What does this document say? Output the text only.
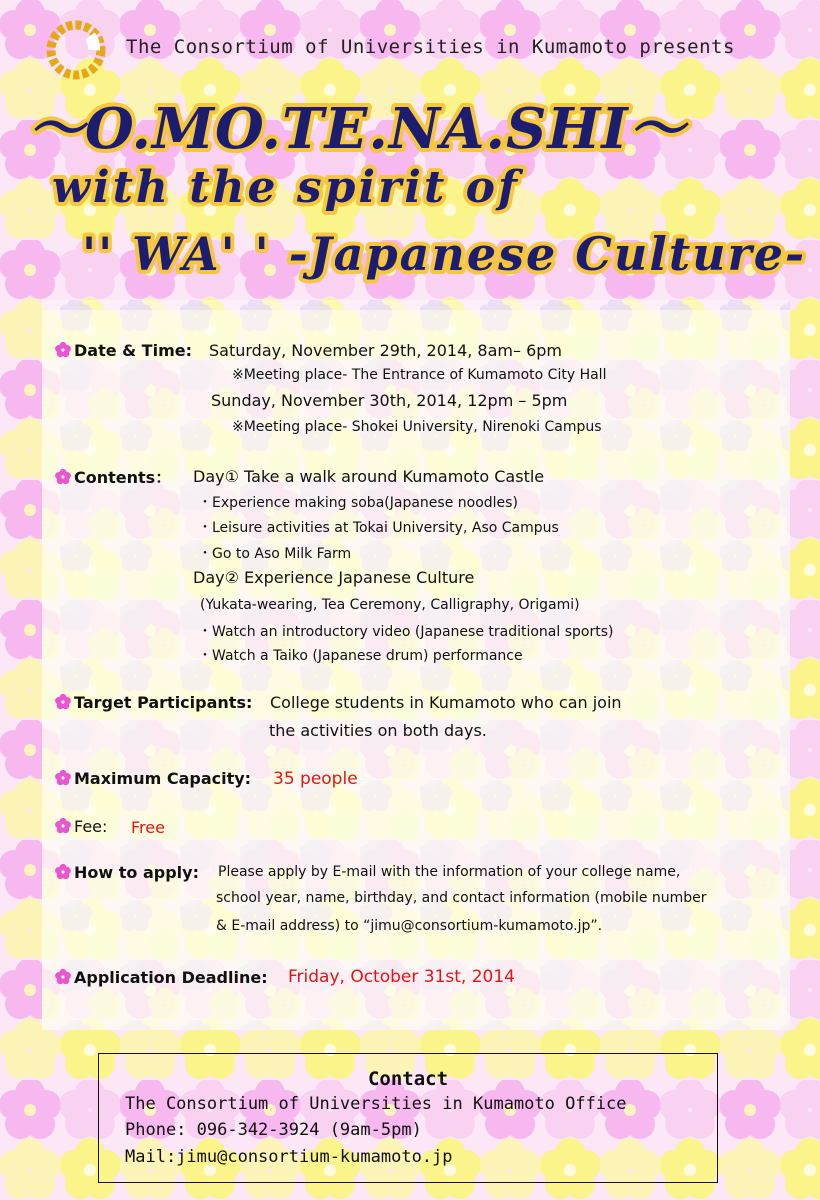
The Consortium of Universities in Kumamoto presents
〜O.MO.TE.NA.SHI〜
with the spirit of
'' WA' ' -Japanese Culture-
Date & Time: Saturday, November 29th, 2014, 8am– 6pm
※Meeting place- The Entrance of Kumamoto City Hall
Sunday, November 30th, 2014, 12pm – 5pm
※Meeting place- Shokei University, Nirenoki Campus
Contents： Day① Take a walk around Kumamoto Castle
・Experience making soba(Japanese noodles)
・Leisure activities at Tokai University, Aso Campus
・Go to Aso Milk Farm
Day② Experience Japanese Culture
(Yukata-wearing, Tea Ceremony, Calligraphy, Origami)
・Watch an introductory video (Japanese traditional sports)
・Watch a Taiko (Japanese drum) performance
Target Participants: College students in Kumamoto who can join
the activities on both days.
Maximum Capacity: 35 people
Fee: Free
How to apply: Please apply by E-mail with the information of your college name,
school year, name, birthday, and contact information (mobile number
& E-mail address) to “jimu@consortium-kumamoto.jp”.
Application Deadline: Friday, October 31st, 2014
Contact
The Consortium of Universities in Kumamoto Office
Phone: 096-342-3924 (9am-5pm)
Mail:jimu@consortium-kumamoto.jp
